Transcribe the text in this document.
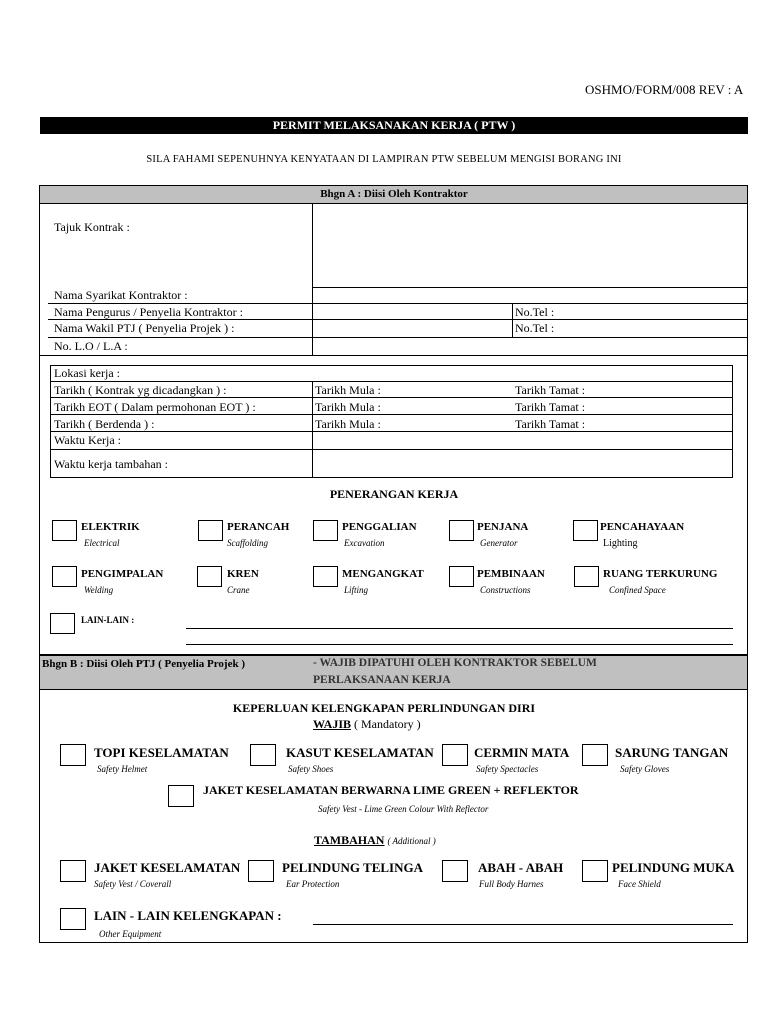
OSHMO/FORM/008 REV : A
PERMIT MELAKSANAKAN KERJA ( PTW )
SILA FAHAMI SEPENUHNYA KENYATAAN DI LAMPIRAN PTW SEBELUM MENGISI BORANG INI
Bhgn A : Diisi Oleh Kontraktor
Tajuk Kontrak :
Nama Syarikat Kontraktor :
Nama Pengurus / Penyelia Kontraktor :	No.Tel :
Nama Wakil PTJ ( Penyelia Projek ) :	No.Tel :
No. L.O / L.A :
Lokasi kerja :
Tarikh ( Kontrak yg dicadangkan ) :	Tarikh Mula :	Tarikh Tamat :
Tarikh EOT ( Dalam permohonan EOT ) :	Tarikh Mula :	Tarikh Tamat :
Tarikh ( Berdenda ) :	Tarikh Mula :	Tarikh Tamat :
Waktu Kerja :
Waktu kerja tambahan :
PENERANGAN KERJA
ELEKTRIK
Electrical
PERANCAH
Scaffolding
PENGGALIAN
Excavation
PENJANA
Generator
PENCAHAYAAN
Lighting
PENGIMPALAN
Welding
KREN
Crane
MENGANGKAT
Lifting
PEMBINAAN
Constructions
RUANG TERKURUNG
Confined Space
LAIN-LAIN :
Bhgn B : Diisi Oleh PTJ ( Penyelia Projek )	- WAJIB DIPATUHI OLEH KONTRAKTOR SEBELUM
PERLAKSANAAN KERJA
KEPERLUAN KELENGKAPAN PERLINDUNGAN DIRI
WAJIB ( Mandatory )
TOPI KESELAMATAN
Safety Helmet
KASUT KESELAMATAN
Safety Shoes
CERMIN MATA
Safety Spectacles
SARUNG TANGAN
Safety Gloves
JAKET KESELAMATAN BERWARNA LIME GREEN + REFLEKTOR
Safety Vest - Lime Green Colour With Reflector
TAMBAHAN ( Additional )
JAKET KESELAMATAN
Safety Vest / Coverall
PELINDUNG TELINGA
Ear Protection
ABAH - ABAH
Full Body Harnes
PELINDUNG MUKA
Face Shield
LAIN - LAIN KELENGKAPAN :
Other Equipment
